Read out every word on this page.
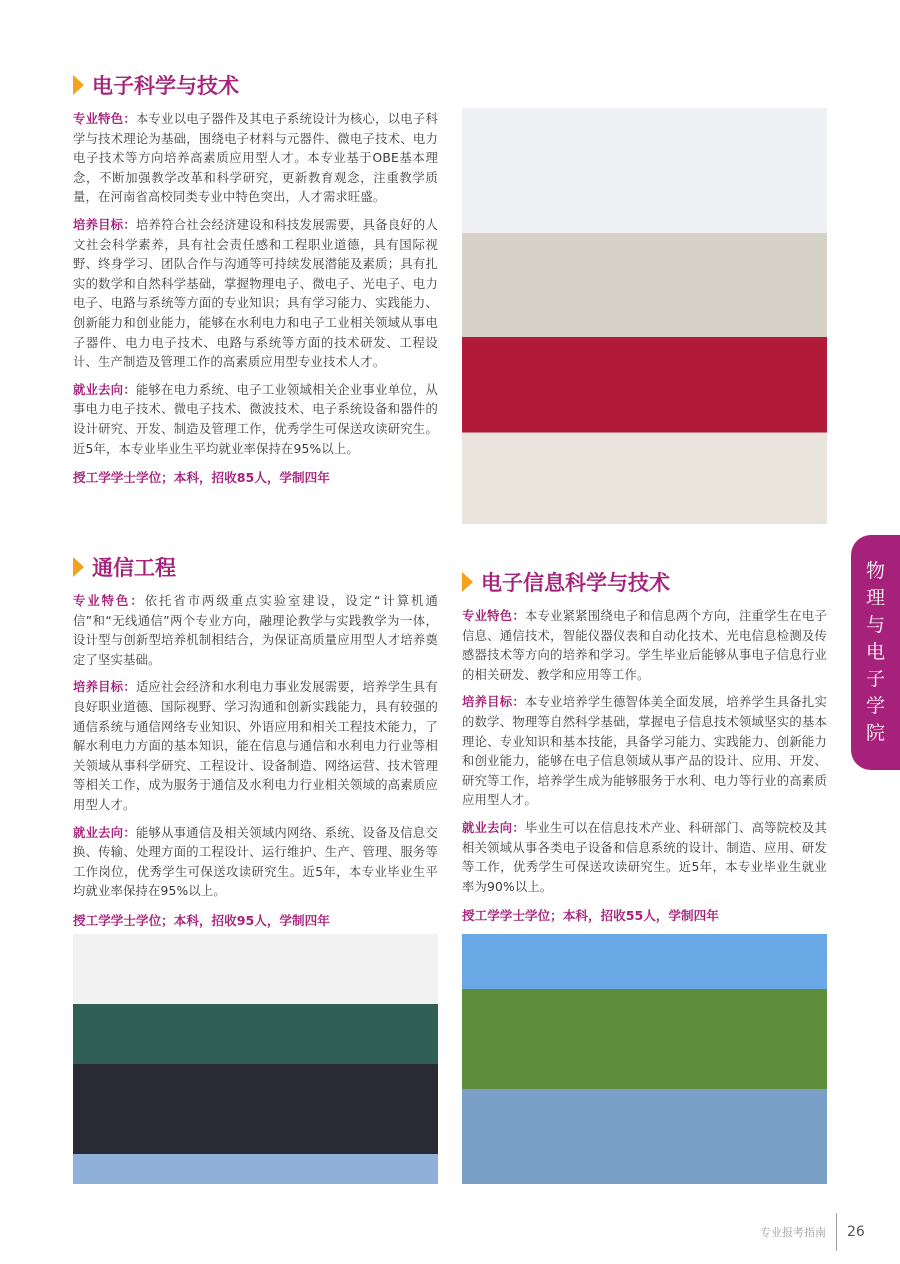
电子科学与技术

专业特色：本专业以电子器件及其电子系统设计为核心，以电子科学与技术理论为基础，围绕电子材料与元器件、微电子技术、电力电子技术等方向培养高素质应用型人才。本专业基于OBE基本理念，不断加强教学改革和科学研究，更新教育观念，注重教学质量，在河南省高校同类专业中特色突出，人才需求旺盛。

培养目标：培养符合社会经济建设和科技发展需要，具备良好的人文社会科学素养，具有社会责任感和工程职业道德，具有国际视野、终身学习、团队合作与沟通等可持续发展潜能及素质；具有扎实的数学和自然科学基础，掌握物理电子、微电子、光电子、电力电子、电路与系统等方面的专业知识；具有学习能力、实践能力、创新能力和创业能力，能够在水利电力和电子工业相关领域从事电子器件、电力电子技术、电路与系统等方面的技术研发、工程设计、生产制造及管理工作的高素质应用型专业技术人才。

就业去向：能够在电力系统、电子工业领域相关企业事业单位，从事电力电子技术、微电子技术、微波技术、电子系统设备和器件的设计研究、开发、制造及管理工作，优秀学生可保送攻读研究生。近5年，本专业毕业生平均就业率保持在95%以上。

授工学学士学位；本科，招收85人，学制四年
通信工程

专业特色：依托省市两级重点实验室建设，设定“计算机通信”和“无线通信”两个专业方向，融理论教学与实践教学为一体，设计型与创新型培养机制相结合，为保证高质量应用型人才培养奠定了坚实基础。

培养目标：适应社会经济和水利电力事业发展需要，培养学生具有良好职业道德、国际视野、学习沟通和创新实践能力，具有较强的通信系统与通信网络专业知识、外语应用和相关工程技术能力，了解水利电力方面的基本知识，能在信息与通信和水利电力行业等相关领域从事科学研究、工程设计、设备制造、网络运营、技术管理等相关工作，成为服务于通信及水利电力行业相关领域的高素质应用型人才。

就业去向：能够从事通信及相关领域内网络、系统、设备及信息交换、传输、处理方面的工程设计、运行维护、生产、管理、服务等工作岗位，优秀学生可保送攻读研究生。近5年，本专业毕业生平均就业率保持在95%以上。

授工学学士学位；本科，招收95人，学制四年
电子信息科学与技术

专业特色：本专业紧紧围绕电子和信息两个方向，注重学生在电子信息、通信技术，智能仪器仪表和自动化技术、光电信息检测及传感器技术等方向的培养和学习。学生毕业后能够从事电子信息行业的相关研发、教学和应用等工作。

培养目标：本专业培养学生德智体美全面发展，培养学生具备扎实的数学、物理等自然科学基础，掌握电子信息技术领域坚实的基本理论、专业知识和基本技能，具备学习能力、实践能力、创新能力和创业能力，能够在电子信息领域从事产品的设计、应用、开发、研究等工作，培养学生成为能够服务于水利、电力等行业的高素质应用型人才。

就业去向：毕业生可以在信息技术产业、科研部门、高等院校及其相关领域从事各类电子设备和信息系统的设计、制造、应用、研发等工作，优秀学生可保送攻读研究生。近5年，本专业毕业生就业率为90%以上。

授工学学士学位；本科，招收55人，学制四年
物
理
与
电
子
学
院
专业报考指南 26
